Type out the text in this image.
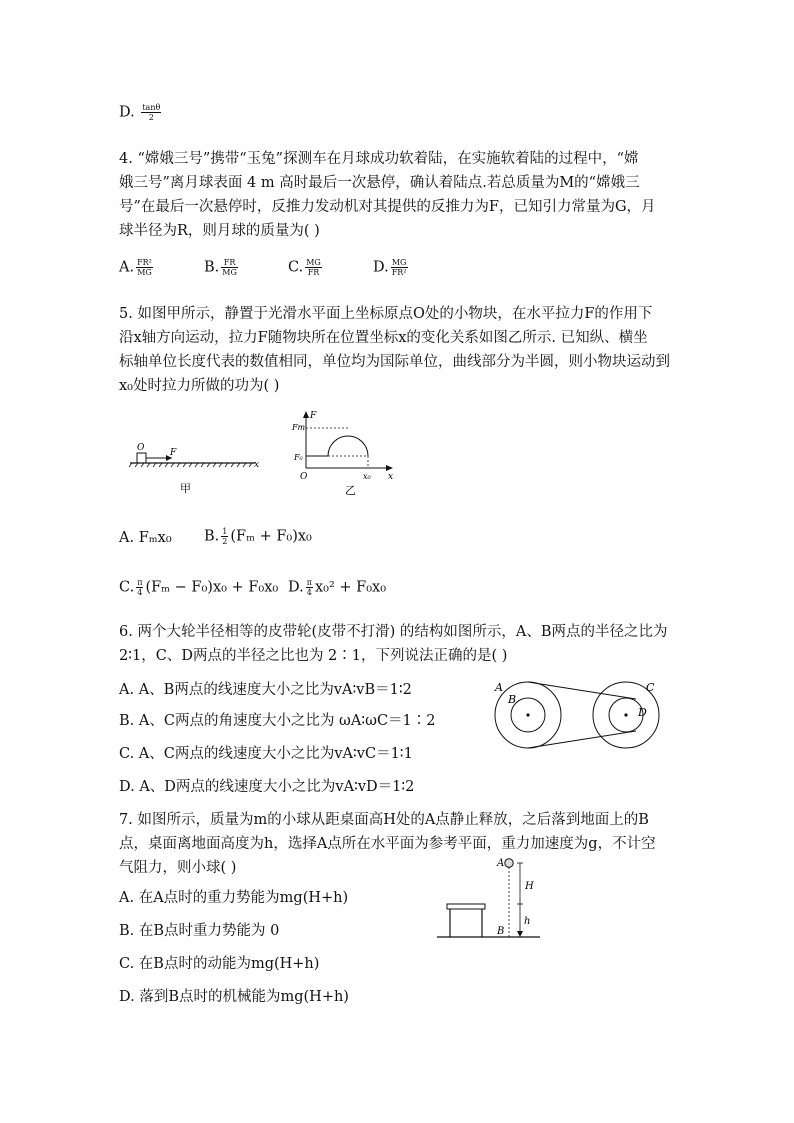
D. $\frac{\tan\theta}{2}$
4. “嫦娥三号”携带“玉兔”探测车在月球成功软着陆，在实施软着陆的过程中，“嫦
娥三号”离月球表面 4 m 高时最后一次悬停，确认着陆点.若总质量为M的“嫦娥三
号”在最后一次悬停时，反推力发动机对其提供的反推力为F，已知引力常量为G，月
球半径为R，则月球的质量为( )
A. $\frac{\text{FR²}}{MG}$	B. $\frac{FR}{MG}$	C. $\frac{MG}{FR}$	D. $\frac{MG}{\text{FR²}}$
5. 如图甲所示，静置于光滑水平面上坐标原点O处的小物块，在水平拉力F的作用下
沿x轴方向运动，拉力F随物块所在位置坐标x的变化关系如图乙所示. 已知纵、横坐
标轴单位长度代表的数值相同，单位均为国际单位，曲线部分为半圆，则小物块运动到
x₀处时拉力所做的功为( )
O	F
x
甲
F
Fm
F₀
O	x₀ x
乙
A. Fₘx₀ B. $\frac{1}{2} (F_m + F_0)x_0$
C. $\frac{\pi}{4} (F_m - F_0)x_0 + F_0x_0$ D. $\frac{\pi}{4} x_0^2 + F_0x_0$
6. 两个大轮半径相等的皮带轮(皮带不打滑) 的结构如图所示，A、B两点的半径之比为
2∶1，C、D两点的半径之比也为 2∶1，下列说法正确的是( )
A. A、B两点的线速度大小之比为vA∶vB＝1∶2
B. A、C两点的角速度大小之比为 ωA∶ωC＝1∶2
C. A、C两点的线速度大小之比为vA∶vC＝1∶1
D. A、D两点的线速度大小之比为vA∶vD＝1∶2
A
B
C
D
7. 如图所示，质量为m的小球从距桌面高H处的A点静止释放，之后落到地面上的B
点，桌面离地面高度为h，选择A点所在水平面为参考平面，重力加速度为g，不计空
气阻力，则小球( )
A. 在A点时的重力势能为mg(H+h)
B. 在B点时重力势能为 0
C. 在B点时的动能为mg(H+h)
D. 落到B点时的机械能为mg(H+h)
A
H
h
B
